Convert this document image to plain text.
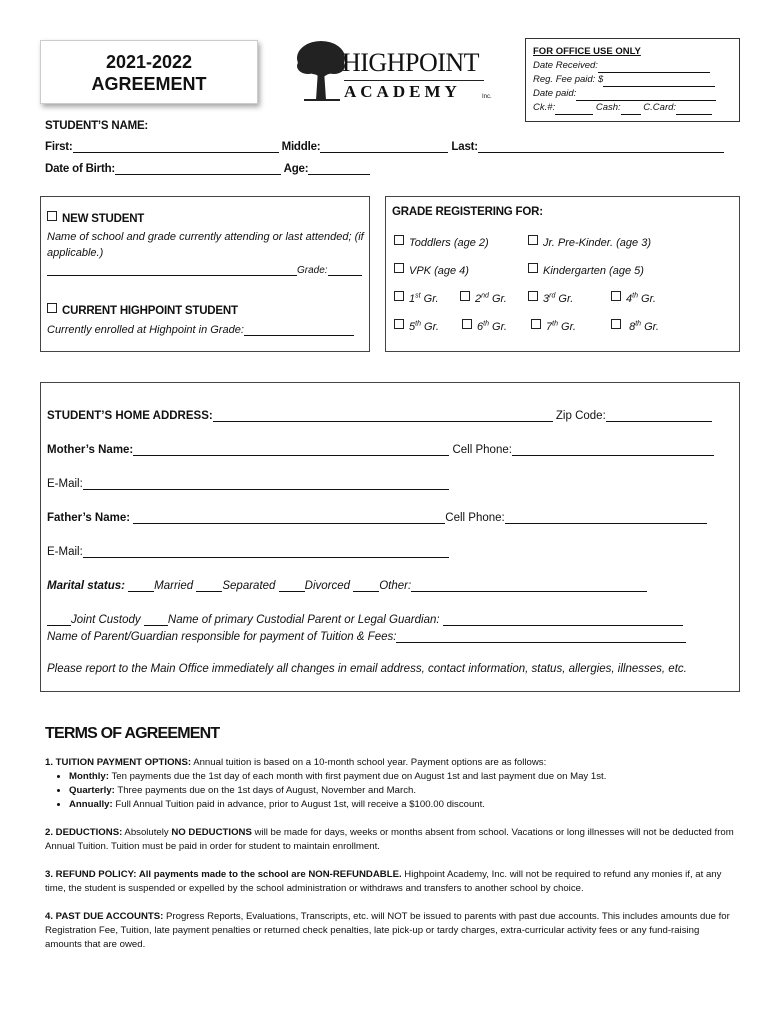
2021-2022
AGREEMENT
HIGHPOINT
ACADEMY	Inc.
FOR OFFICE USE ONLY
Date Received:
Reg. Fee paid: $
Date paid:
Ck.#:	Cash: C.Card:
STUDENT’S NAME:
First:	Middle:	Last:
Date of Birth:	Age:
NEW STUDENT
Name of school and grade currently attending or last attended; (if applicable.)
Grade:
CURRENT HIGHPOINT STUDENT
Currently enrolled at Highpoint in Grade:
GRADE REGISTERING FOR:
Toddlers (age 2)	Jr. Pre-Kinder. (age 3)
VPK (age 4)	Kindergarten (age 5)
1st Gr.	2nd Gr.	3rd Gr.	4th Gr.
5th Gr.	6th Gr.	7th Gr.	8th Gr.
STUDENT’S HOME ADDRESS:	Zip Code:
Mother’s Name:	Cell Phone:
E-Mail:
Father’s Name:	Cell Phone:
E-Mail:
Marital status:	Married	Separated	Divorced	Other:
Joint Custody Name of primary Custodial Parent or Legal Guardian:
Name of Parent/Guardian responsible for payment of Tuition & Fees:
Please report to the Main Office immediately all changes in email address, contact information, status, allergies, illnesses, etc.
TERMS OF AGREEMENT
1. TUITION PAYMENT OPTIONS: Annual tuition is based on a 10-month school year. Payment options are as follows:
• Monthly: Ten payments due the 1st day of each month with first payment due on August 1st and last payment due on May 1st.
• Quarterly: Three payments due on the 1st days of August, November and March.
• Annually: Full Annual Tuition paid in advance, prior to August 1st, will receive a $100.00 discount.
2. DEDUCTIONS: Absolutely NO DEDUCTIONS will be made for days, weeks or months absent from school. Vacations or long illnesses will not be deducted from Annual Tuition. Tuition must be paid in order for student to maintain enrollment.
3. REFUND POLICY: All payments made to the school are NON-REFUNDABLE. Highpoint Academy, Inc. will not be required to refund any monies if, at any time, the student is suspended or expelled by the school administration or withdraws and transfers to another school by choice.
4. PAST DUE ACCOUNTS: Progress Reports, Evaluations, Transcripts, etc. will NOT be issued to parents with past due accounts. This includes amounts due for Registration Fee, Tuition, late payment penalties or returned check penalties, late pick-up or tardy charges, extra-curricular activity fees or any fund-raising amounts that are owed.
